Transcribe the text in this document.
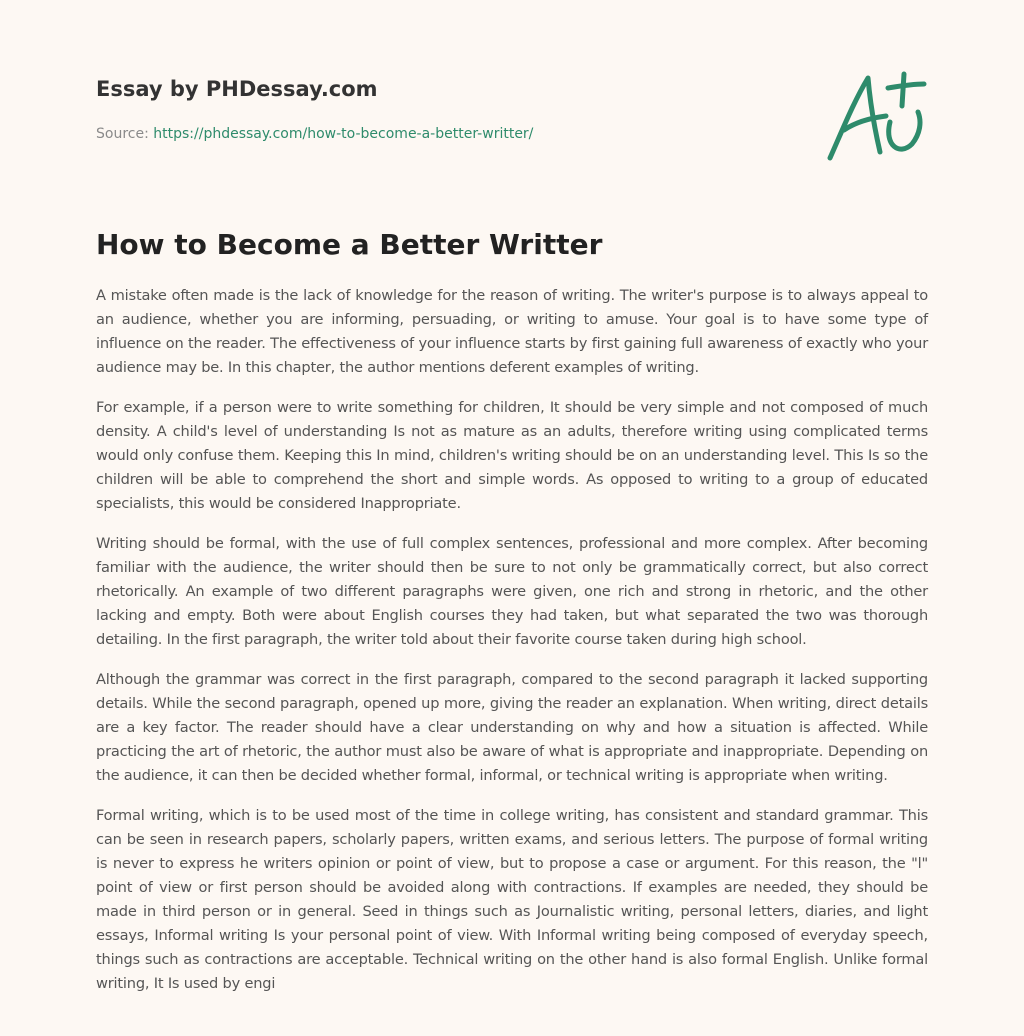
Essay by PHDessay.com
Source: https://phdessay.com/how-to-become-a-better-writter/
How to Become a Better Writter

A mistake often made is the lack of knowledge for the reason of writing. The writer's purpose is to always appeal to an audience, whether you are informing, persuading, or writing to amuse. Your goal is to have some type of influence on the reader. The effectiveness of your influence starts by first gaining full awareness of exactly who your audience may be. In this chapter, the author mentions deferent examples of writing.

For example, if a person were to write something for children, It should be very simple and not composed of much density. A child's level of understanding Is not as mature as an adults, therefore writing using complicated terms would only confuse them. Keeping this In mind, children's writing should be on an understanding level. This Is so the children will be able to comprehend the short and simple words. As opposed to writing to a group of educated specialists, this would be considered Inappropriate.

Writing should be formal, with the use of full complex sentences, professional and more complex. After becoming familiar with the audience, the writer should then be sure to not only be grammatically correct, but also correct rhetorically. An example of two different paragraphs were given, one rich and strong in rhetoric, and the other lacking and empty. Both were about English courses they had taken, but what separated the two was thorough detailing. In the first paragraph, the writer told about their favorite course taken during high school.

Although the grammar was correct in the first paragraph, compared to the second paragraph it lacked supporting details. While the second paragraph, opened up more, giving the reader an explanation. When writing, direct details are a key factor. The reader should have a clear understanding on why and how a situation is affected. While practicing the art of rhetoric, the author must also be aware of what is appropriate and inappropriate. Depending on the audience, it can then be decided whether formal, informal, or technical writing is appropriate when writing.

Formal writing, which is to be used most of the time in college writing, has consistent and standard grammar. This can be seen in research papers, scholarly papers, written exams, and serious letters. The purpose of formal writing is never to express he writers opinion or point of view, but to propose a case or argument. For this reason, the "l" point of view or first person should be avoided along with contractions. If examples are needed, they should be made in third person or in general. Seed in things such as Journalistic writing, personal letters, diaries, and light essays, Informal writing Is your personal point of view. With Informal writing being composed of everyday speech, things such as contractions are acceptable. Technical writing on the other hand is also formal English. Unlike formal writing, It Is used by engi
